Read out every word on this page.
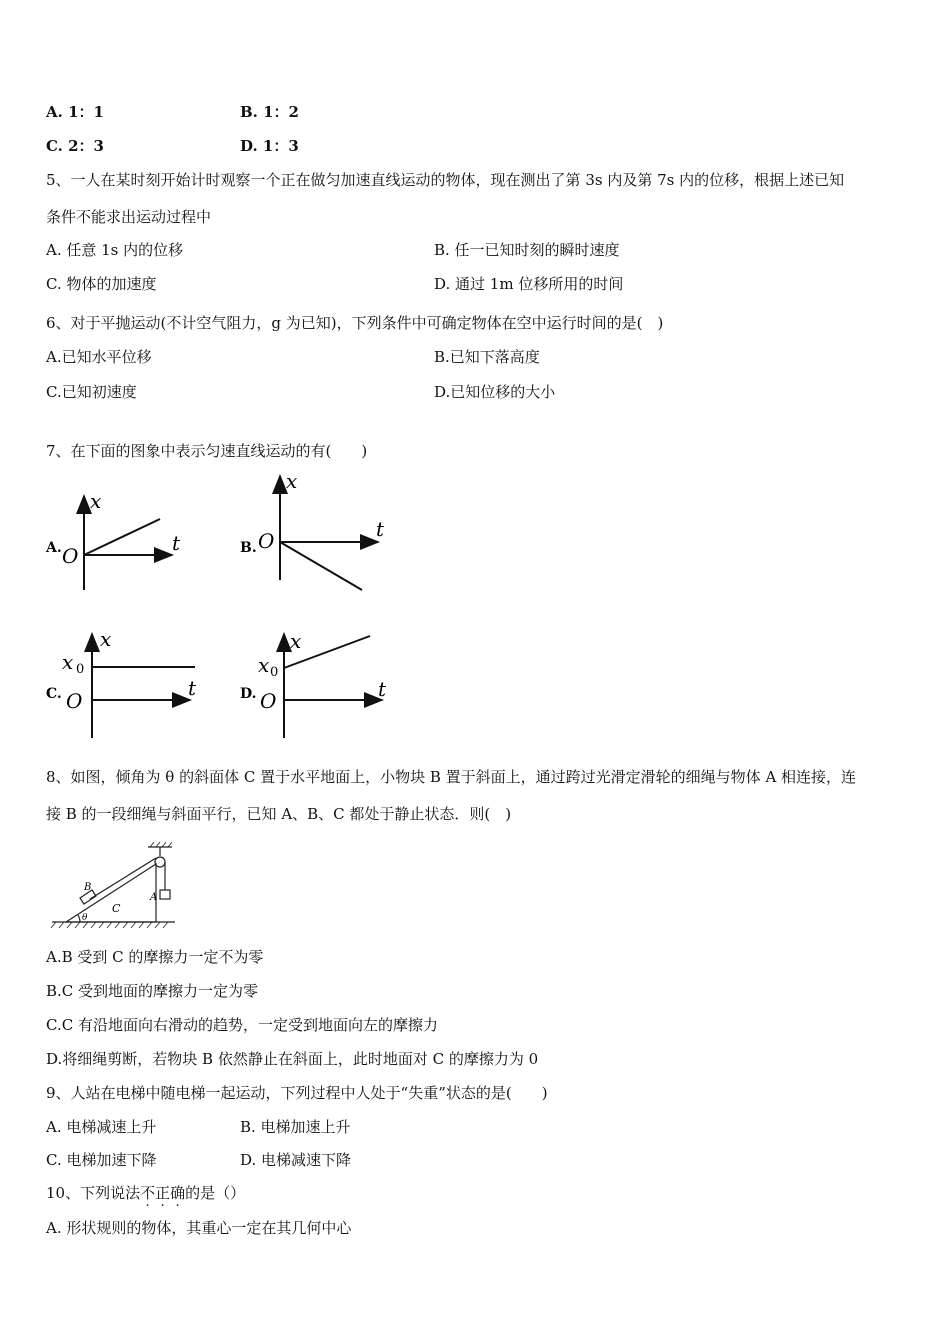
A. 1：1	B. 1：2
C. 2：3	D. 1：3
5、一人在某时刻开始计时观察一个正在做匀加速直线运动的物体，现在测出了第 3s 内及第 7s 内的位移，根据上述已知
条件不能求出运动过程中
A. 任意 1s 内的位移	B. 任一已知时刻的瞬时速度
C. 物体的加速度	D. 通过 1m 位移所用的时间
6、对于平抛运动(不计空气阻力，g 为已知)，下列条件中可确定物体在空中运行时间的是(　)
A.已知水平位移	B.已知下落高度
C.已知初速度	D.已知位移的大小
7、在下面的图象中表示匀速直线运动的有(　　)
A.
x
t
O	B.
x
t
O
C.
x
t
O
x 0
D.
x
t
O
x 0
8、如图，倾角为 θ 的斜面体 C 置于水平地面上，小物块 B 置于斜面上，通过跨过光滑定滑轮的细绳与物体 A 相连接，连
接 B 的一段细绳与斜面平行，已知 A、B、C 都处于静止状态．则(　)
B
C
A
θ
A.B 受到 C 的摩擦力一定不为零
B.C 受到地面的摩擦力一定为零
C.C 有沿地面向右滑动的趋势，一定受到地面向左的摩擦力
D.将细绳剪断，若物块 B 依然静止在斜面上，此时地面对 C 的摩擦力为 0
9、人站在电梯中随电梯一起运动，下列过程中人处于“失重”状态的是(　　)
A. 电梯减速上升	B. 电梯加速上升
C. 电梯加速下降	D. 电梯减速下降
10、下列说法不正确的是（）
A. 形状规则的物体，其重心一定在其几何中心
